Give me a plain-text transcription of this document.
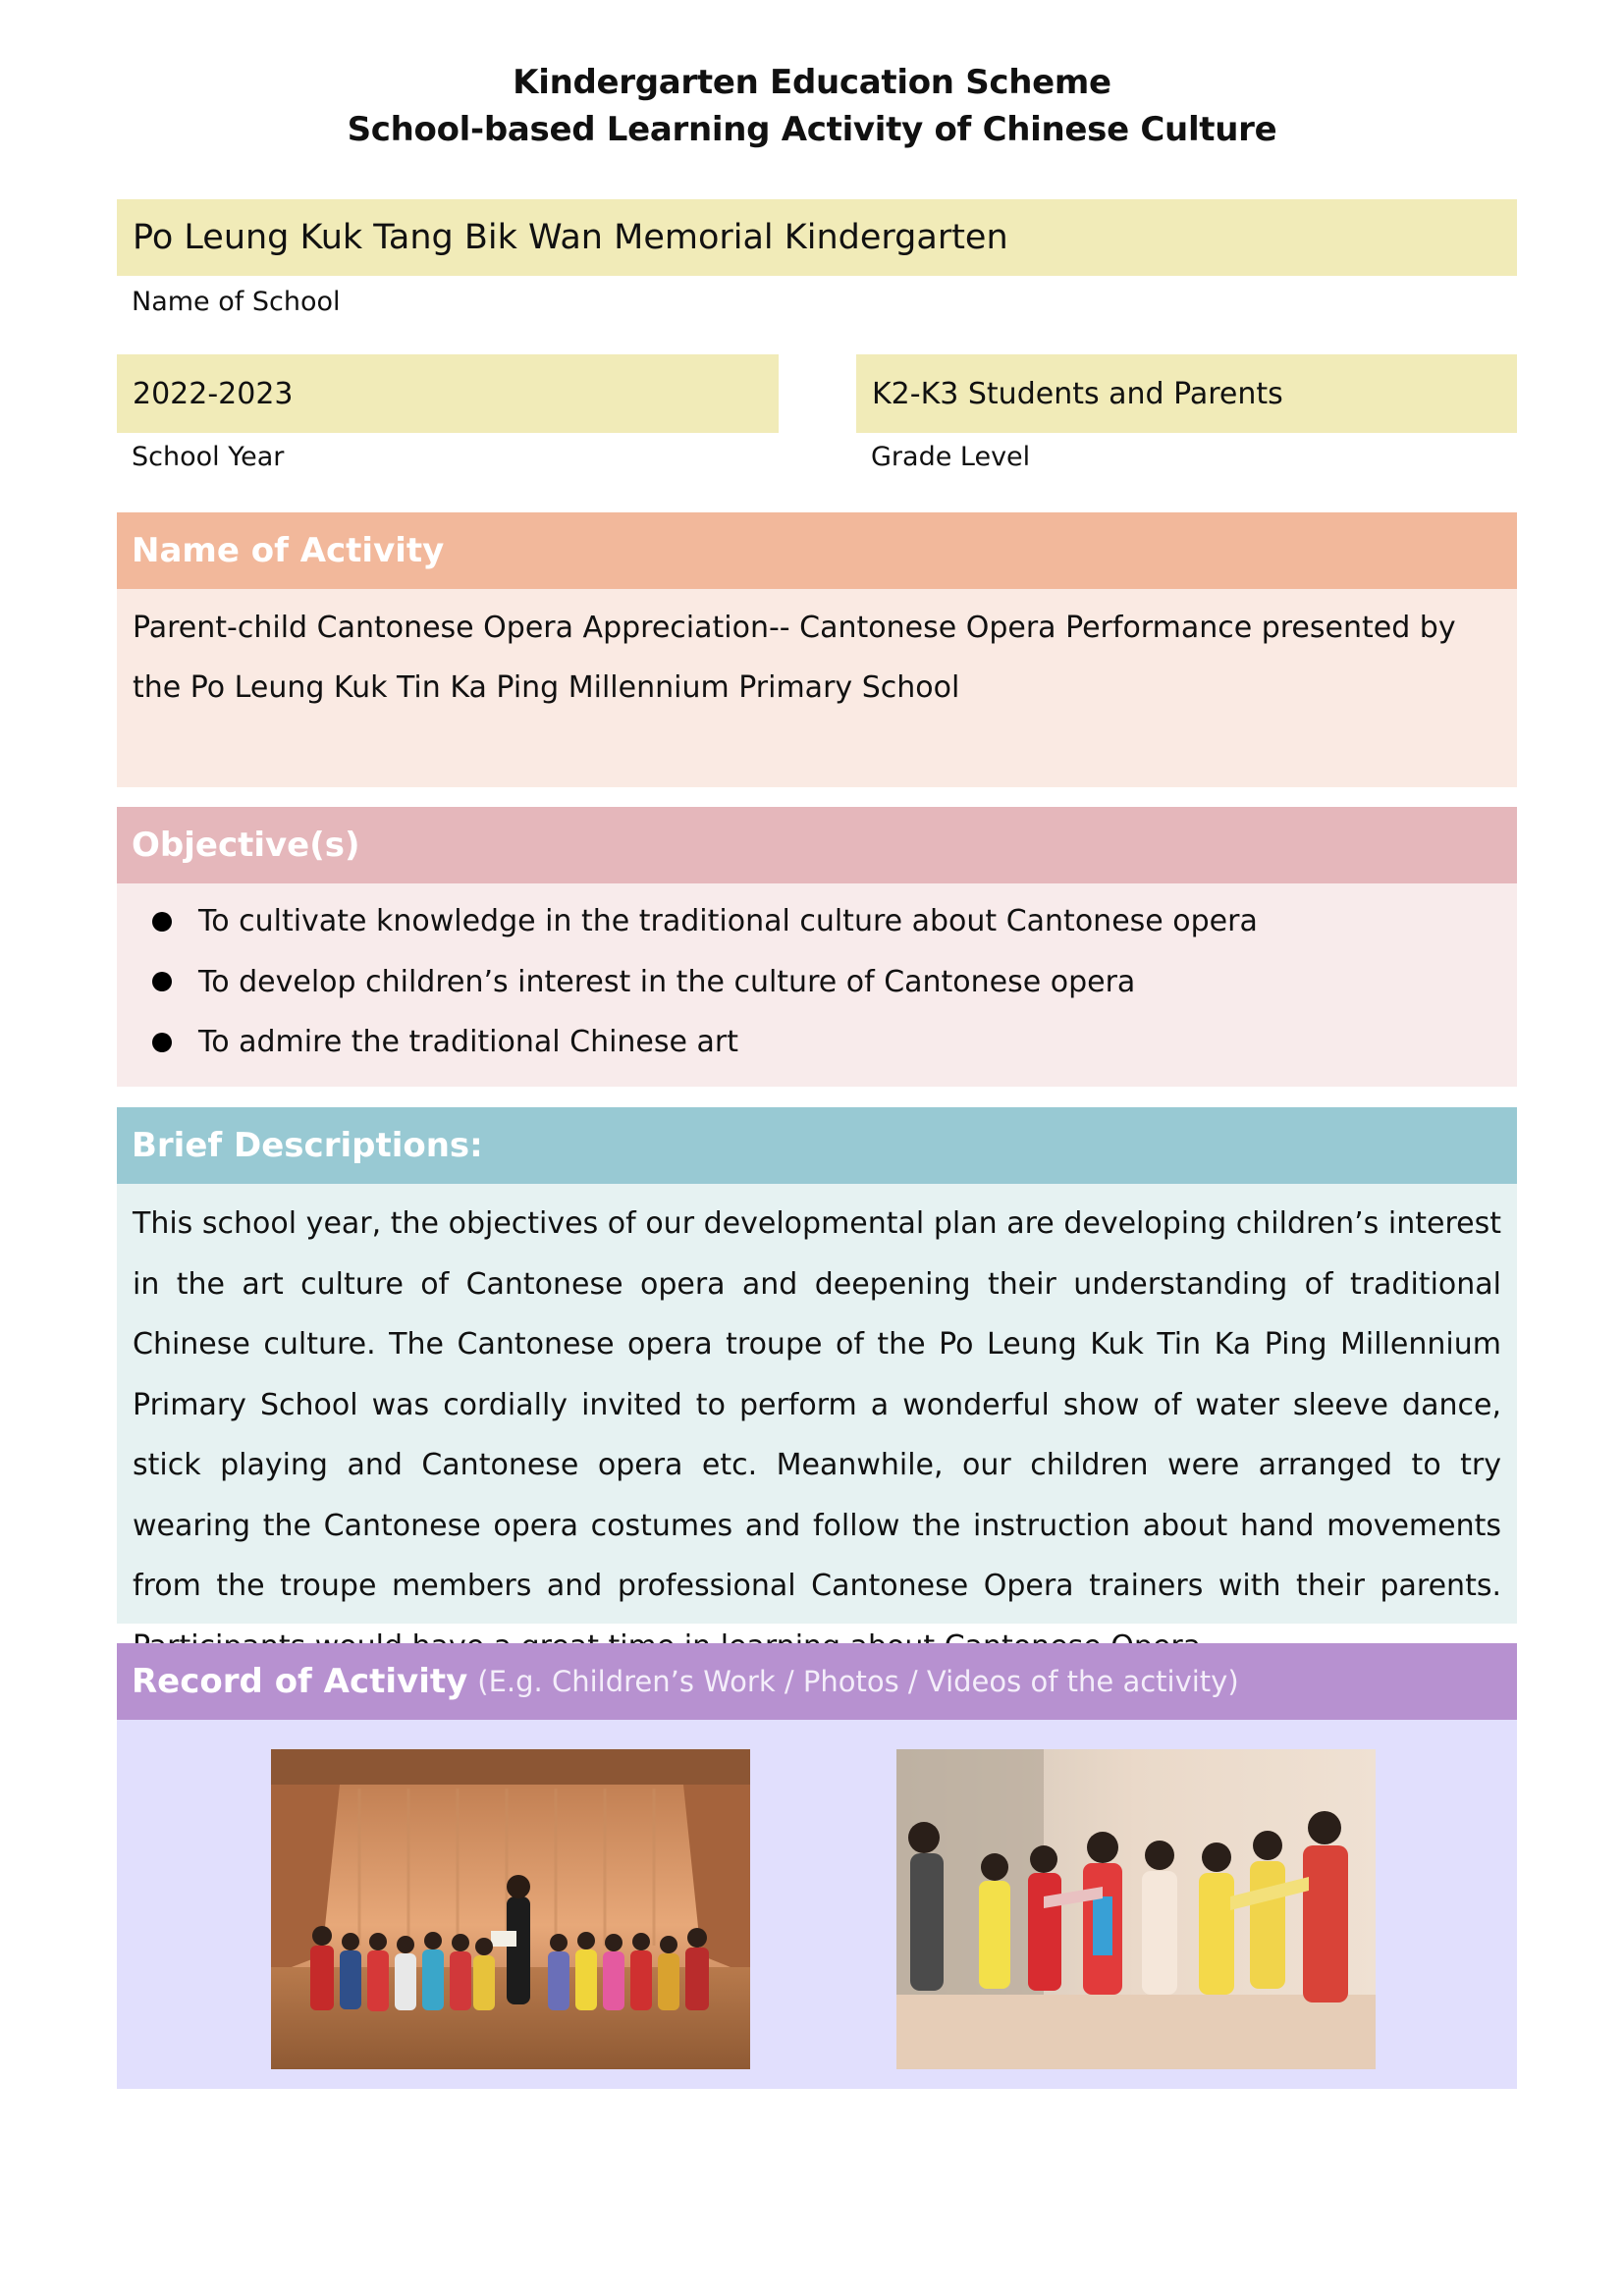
Kindergarten Education Scheme
School-based Learning Activity of Chinese Culture
Po Leung Kuk Tang Bik Wan Memorial Kindergarten
Name of School
2022-2023
School Year
K2-K3 Students and Parents
Grade Level
Name of Activity
Parent-child Cantonese Opera Appreciation-- Cantonese Opera Performance presented by the Po Leung Kuk Tin Ka Ping Millennium Primary School
Objective(s)
To cultivate knowledge in the traditional culture about Cantonese opera
To develop children’s interest in the culture of Cantonese opera
To admire the traditional Chinese art
Brief Descriptions:
This school year, the objectives of our developmental plan are developing children’s interest in the art culture of Cantonese opera and deepening their understanding of traditional Chinese culture. The Cantonese opera troupe of the Po Leung Kuk Tin Ka Ping Millennium Primary School was cordially invited to perform a wonderful show of water sleeve dance, stick playing and Cantonese opera etc. Meanwhile, our children were arranged to try wearing the Cantonese opera costumes and follow the instruction about hand movements from the troupe members and professional Cantonese Opera trainers with their parents.
Record of Activity (E.g. Children’s Work / Photos / Videos of the activity)
